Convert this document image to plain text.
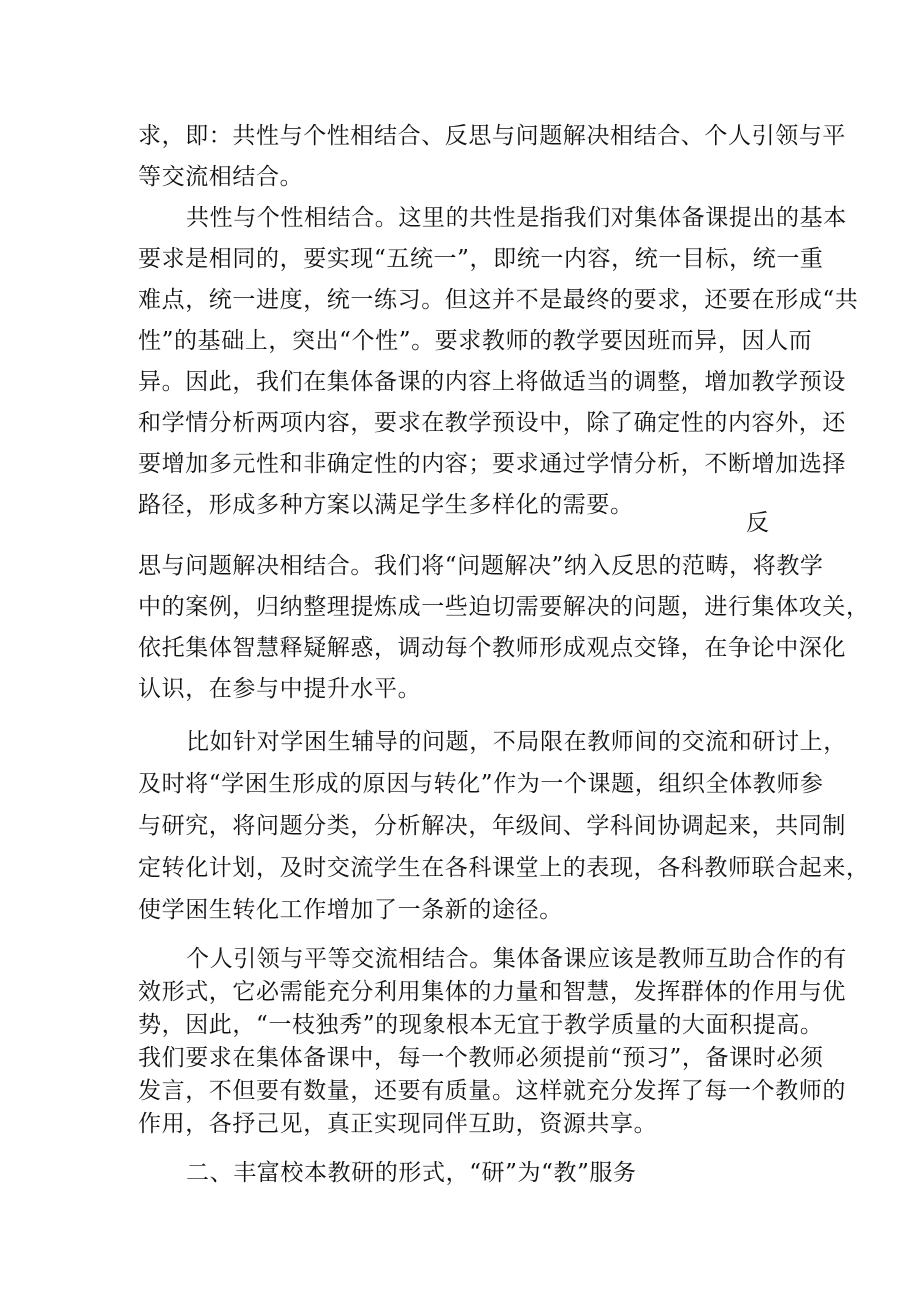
求，即：共性与个性相结合、反思与问题解决相结合、个人引领与平
等交流相结合。
共性与个性相结合。这里的共性是指我们对集体备课提出的基本
要求是相同的，要实现“五统一”，即统一内容，统一目标，统一重
难点，统一进度，统一练习。但这并不是最终的要求，还要在形成“共
性”的基础上，突出“个性”。要求教师的教学要因班而异，因人而
异。因此，我们在集体备课的内容上将做适当的调整，增加教学预设
和学情分析两项内容，要求在教学预设中，除了确定性的内容外，还
要增加多元性和非确定性的内容；要求通过学情分析，不断增加选择
路径，形成多种方案以满足学生多样化的需要。
反
思与问题解决相结合。我们将“问题解决”纳入反思的范畴，将教学
中的案例，归纳整理提炼成一些迫切需要解决的问题，进行集体攻关，
依托集体智慧释疑解惑，调动每个教师形成观点交锋，在争论中深化
认识，在参与中提升水平。
比如针对学困生辅导的问题，不局限在教师间的交流和研讨上，
及时将“学困生形成的原因与转化”作为一个课题，组织全体教师参
与研究，将问题分类，分析解决，年级间、学科间协调起来，共同制
定转化计划，及时交流学生在各科课堂上的表现，各科教师联合起来，
使学困生转化工作增加了一条新的途径。
个人引领与平等交流相结合。集体备课应该是教师互助合作的有
效形式，它必需能充分利用集体的力量和智慧，发挥群体的作用与优
势，因此，“一枝独秀”的现象根本无宜于教学质量的大面积提高。
我们要求在集体备课中，每一个教师必须提前“预习”，备课时必须
发言，不但要有数量，还要有质量。这样就充分发挥了每一个教师的
作用，各抒己见，真正实现同伴互助，资源共享。
二、丰富校本教研的形式，“研”为“教”服务
